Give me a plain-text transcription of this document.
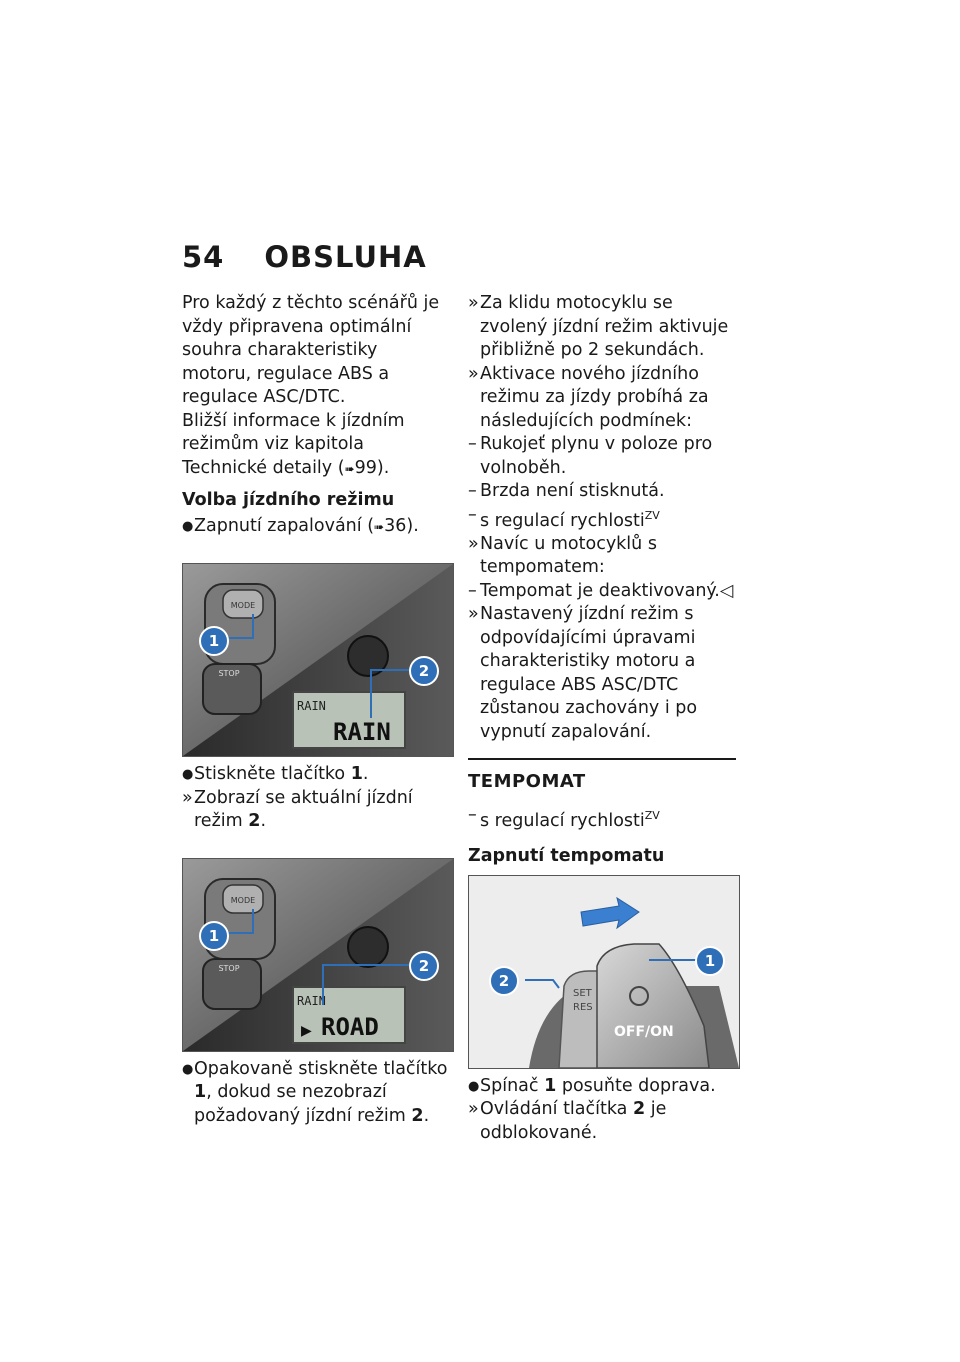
54 OBSLUHA

Pro každý z těchto scénářů je vždy připravena optimální souhra charakteristiky motoru, regulace ABS a regulace ASC/DTC.

Bližší informace k jízdním režimům viz kapitola Technické detaily (➠99).

Volba jízdního režimu

● Zapnutí zapalování (➠36).

MODE
STOP
RAIN
RAIN
1
2

● Stiskněte tlačítko 1.

» Zobrazí se aktuální jízdní režim 2.

MODE
STOP
RAIN
▶ ROAD
1
2

● Opakovaně stiskněte tlačítko 1, dokud se nezobrazí požadovaný jízdní režim 2.

» Za klidu motocyklu se zvolený jízdní režim aktivuje přibližně po 2 sekundách.

» Aktivace nového jízdního režimu za jízdy probíhá za následujících podmínek:

– Rukojeť plynu v poloze pro volnoběh.

– Brzda není stisknutá.

– s regulací rychlosti$^{ZV}$

» Navíc u motocyklů s tempomatem:

– Tempomat je deaktivovaný.◁

» Nastavený jízdní režim s odpovídajícími úpravami charakteristiky motoru a regulace ABS ASC/DTC zůstanou zachovány i po vypnutí zapalování.

TEMPOMAT

– s regulací rychlosti$^{ZV}$

Zapnutí tempomatu

SET
RES
OFF/ON
1
2

● Spínač 1 posuňte doprava.

» Ovládání tlačítka 2 je odblokované.
